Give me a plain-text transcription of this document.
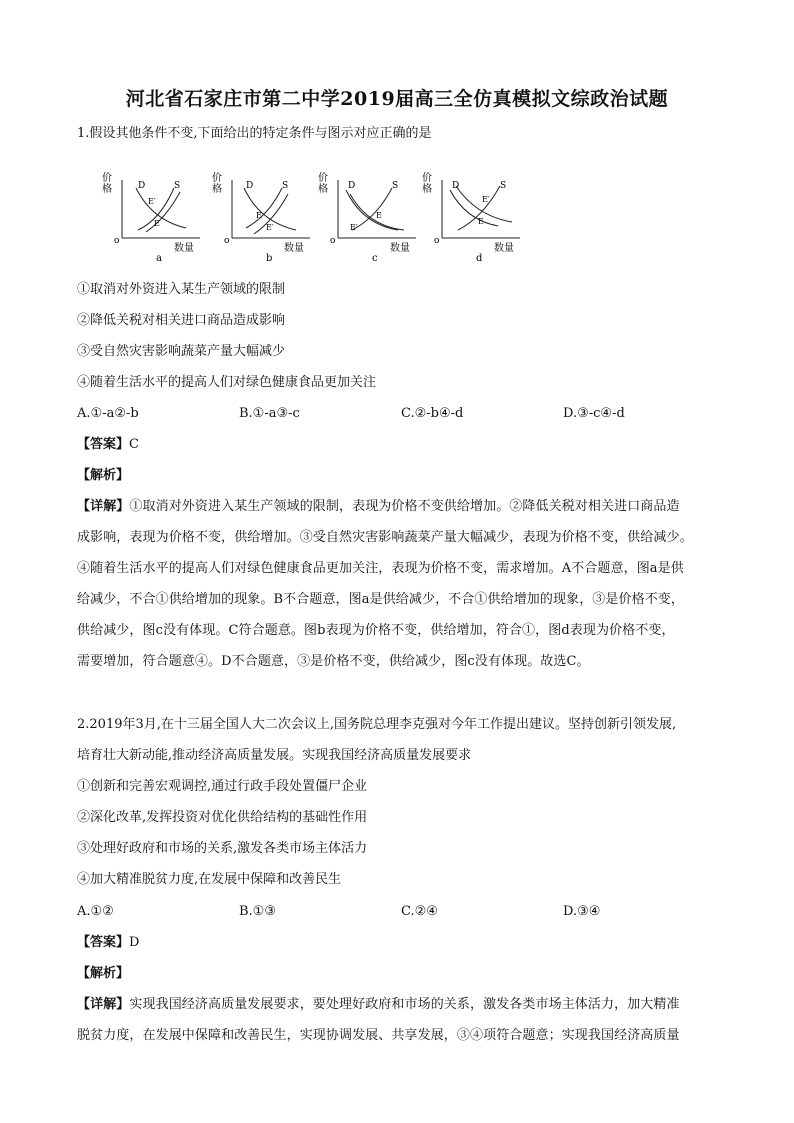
河北省石家庄市第二中学2019届高三全仿真模拟文综政治试题
1.假设其他条件不变,下面给出的特定条件与图示对应正确的是
价
格
o
数量
a
D	S
E′
E
价
格
o
数量
b
D	S
E
E′
价
格
o
数量
c
D	S
E
E′
价
格
o
数量
d
D	S
E′
E
①取消对外资进入某生产领域的限制
②降低关税对相关进口商品造成影响
③受自然灾害影响蔬菜产量大幅减少
④随着生活水平的提高人们对绿色健康食品更加关注
A.①-a②-b	B.①-a③-c	C.②-b④-d	D.③-c④-d
【答案】C
【解析】
【详解】①取消对外资进入某生产领域的限制，表现为价格不变供给增加。②降低关税对相关进口商品造
成影响，表现为价格不变，供给增加。③受自然灾害影响蔬菜产量大幅减少，表现为价格不变，供给减少。
④随着生活水平的提高人们对绿色健康食品更加关注，表现为价格不变，需求增加。A不合题意，图a是供
给减少，不合①供给增加的现象。B不合题意，图a是供给减少，不合①供给增加的现象，③是价格不变，
供给减少，图c没有体现。C符合题意。图b表现为价格不变，供给增加，符合①，图d表现为价格不变，
需要增加，符合题意④。D不合题意，③是价格不变，供给减少，图c没有体现。故选C。
2.2019年3月,在十三届全国人大二次会议上,国务院总理李克强对今年工作提出建议。坚持创新引领发展,
培育壮大新动能,推动经济高质量发展。实现我国经济高质量发展要求
①创新和完善宏观调控,通过行政手段处置僵尸企业
②深化改革,发挥投资对优化供给结构的基础性作用
③处理好政府和市场的关系,激发各类市场主体活力
④加大精准脱贫力度,在发展中保障和改善民生
A.①②	B.①③	C.②④	D.③④
【答案】D
【解析】
【详解】实现我国经济高质量发展要求，要处理好政府和市场的关系，激发各类市场主体活力，加大精准
脱贫力度，在发展中保障和改善民生，实现协调发展、共享发展，③④项符合题意；实现我国经济高质量
